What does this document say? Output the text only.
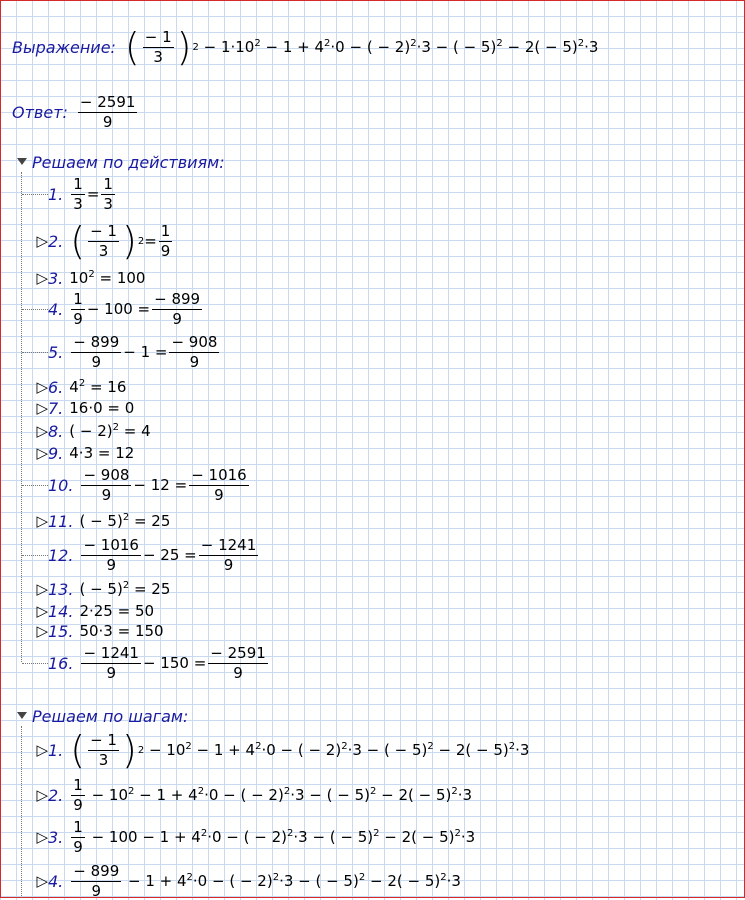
Выражение: ( $\frac{- 1}{3}$ ) $2 - 1\cdot 10^2 - 1 + 4^2\cdot 0$ − ( − 2)$^2$·3 − ( − $5)^2 - 2( - 5)^2\cdot 3$
Ответ: $\frac{- 2591}{9}$
Решаем по действиям:
1. $\frac{1}{3} = \frac{1}{3}$
▷ 2. ( $\frac{- 1}{3}$ ) $2 = \frac{1}{9}$
▷ 3. $10^2 = 100$
4. $\frac{1}{9} - 100 = \frac{- 899}{9}$
5. $\frac{- 899}{9} - 1 = \frac{- 908}{9}$
▷ 6. $4^2 = 16$
▷ 7. 16·0 = 0
▷ 8. ( − 2)$^2$ = 4
▷ 9. 4·3 = 12
10. $\frac{- 908}{9} - 12 = \frac{- 1016}{9}$
▷ 11. ( − 5)$^2$ = 25
12. $\frac{- 1016}{9} - 25 = \frac{- 1241}{9}$
▷ 13. ( − 5)$^2$ = 25
▷ 14. 2·25 = 50
▷ 15. 50·3 = 150
16. $\frac{- 1241}{9} - 150 = \frac{- 2591}{9}$
Решаем по шагам:
▷ 1. ( $\frac{- 1}{3}$ ) $2 - 10^2 - 1 + 4^2\cdot 0$ − ( − 2)$^2$·3 − ( − $5)^2 - 2( - 5)^2\cdot 3$
▷ 2. $\frac{1}{9} - 10^2 - 1 + 4^2\cdot 0$ − ( − 2)$^2$·3 − ( − $5)^2 - 2( - 5)^2\cdot 3$
▷ 3. $\frac{1}{9} - 100 - 1 + 4^2\cdot 0$ − ( − 2)$^2$·3 − ( − $5)^2 - 2( - 5)^2\cdot 3$
▷ 4. $\frac{- 899}{9} - 1 + 4^2\cdot 0$ − ( − 2)$^2$·3 − ( − $5)^2 - 2( - 5)^2\cdot 3$
